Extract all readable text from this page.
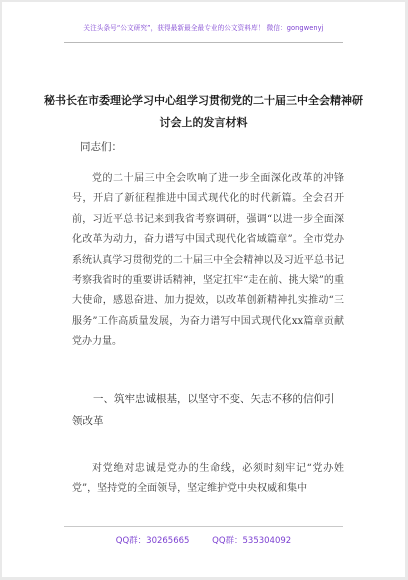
关注头条号“公文研究”，获得最新最全最专业的公文资料库！ 微信：gongwenyj
秘书长在市委理论学习中心组学习贯彻党的二十届三中全会精神研讨会上的发言材料
同志们：
党的二十届三中全会吹响了进一步全面深化改革的冲锋号，开启了新征程推进中国式现代化的时代新篇。全会召开前，习近平总书记来到我省考察调研，强调“以进一步全面深化改革为动力，奋力谱写中国式现代化省域篇章”。全市党办系统认真学习贯彻党的二十届三中全会精神以及习近平总书记考察我省时的重要讲话精神，坚定扛牢“走在前、挑大梁”的重大使命，感恩奋进、加力提效，以改革创新精神扎实推动“三服务”工作高质量发展，为奋力谱写中国式现代化xx篇章贡献党办力量。
一、筑牢忠诚根基，以坚守不变、矢志不移的信仰引领改革
对党绝对忠诚是党办的生命线，必须时刻牢记“党办姓党”，坚持党的全面领导，坚定维护党中央权威和集中
QQ群：30265665	QQ群：535304092
